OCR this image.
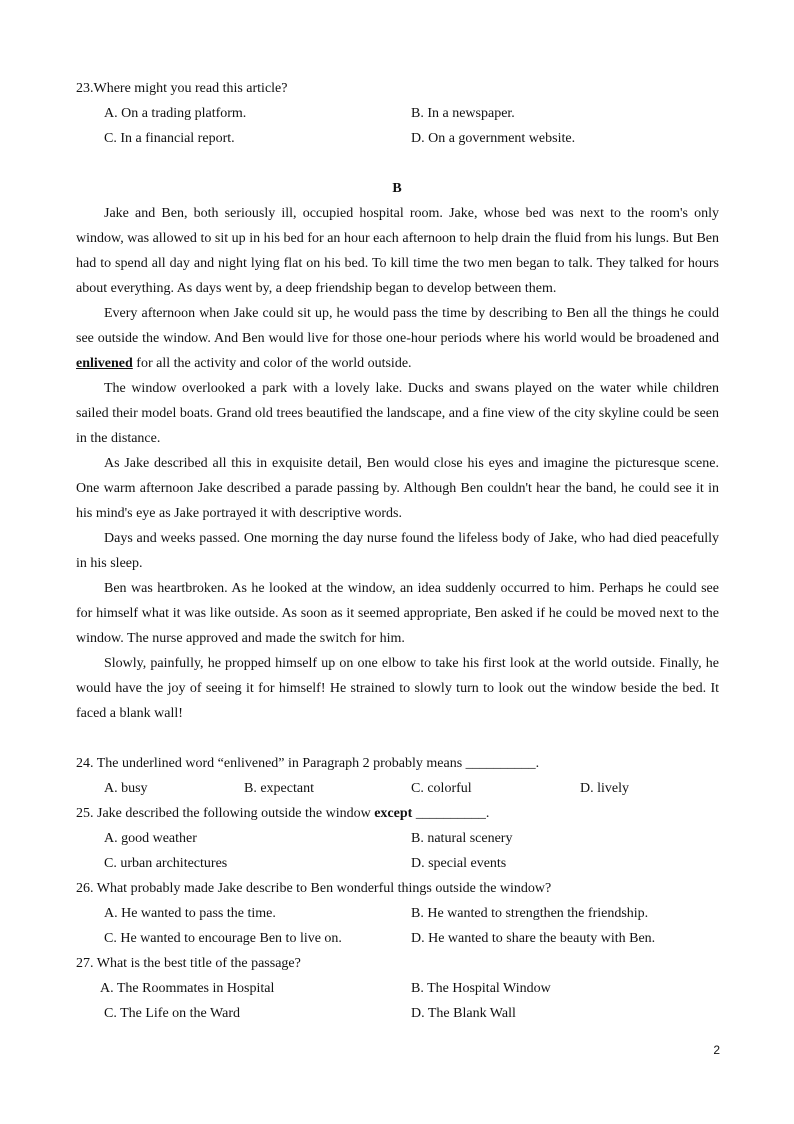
23.Where might you read this article?
A. On a trading platform.	B. In a newspaper.
C. In a financial report.	D. On a government website.
B
Jake and Ben, both seriously ill, occupied hospital room. Jake, whose bed was next to the room's only
window, was allowed to sit up in his bed for an hour each afternoon to help drain the fluid from his lungs. But Ben
had to spend all day and night lying flat on his bed. To kill time the two men began to talk. They talked for hours
about everything. As days went by, a deep friendship began to develop between them.
Every afternoon when Jake could sit up, he would pass the time by describing to Ben all the things he could
see outside the window. And Ben would live for those one-hour periods where his world would be broadened and
enlivened for all the activity and color of the world outside.
The window overlooked a park with a lovely lake. Ducks and swans played on the water while children
sailed their model boats. Grand old trees beautified the landscape, and a fine view of the city skyline could be seen
in the distance.
As Jake described all this in exquisite detail, Ben would close his eyes and imagine the picturesque scene.
One warm afternoon Jake described a parade passing by. Although Ben couldn't hear the band, he could see it in
his mind's eye as Jake portrayed it with descriptive words.
Days and weeks passed. One morning the day nurse found the lifeless body of Jake, who had died peacefully
in his sleep.
Ben was heartbroken. As he looked at the window, an idea suddenly occurred to him. Perhaps he could see
for himself what it was like outside. As soon as it seemed appropriate, Ben asked if he could be moved next to the
window. The nurse approved and made the switch for him.
Slowly, painfully, he propped himself up on one elbow to take his first look at the world outside. Finally, he
would have the joy of seeing it for himself! He strained to slowly turn to look out the window beside the bed. It
faced a blank wall!
24. The underlined word “enlivened” in Paragraph 2 probably means __________.
A. busy	B. expectant	C. colorful	D. lively
25. Jake described the following outside the window except __________.
A. good weather	B. natural scenery
C. urban architectures	D. special events
26. What probably made Jake describe to Ben wonderful things outside the window?
A. He wanted to pass the time.	B. He wanted to strengthen the friendship.
C. He wanted to encourage Ben to live on.	D. He wanted to share the beauty with Ben.
27. What is the best title of the passage?
A. The Roommates in Hospital	B. The Hospital Window
C. The Life on the Ward	D. The Blank Wall
2
